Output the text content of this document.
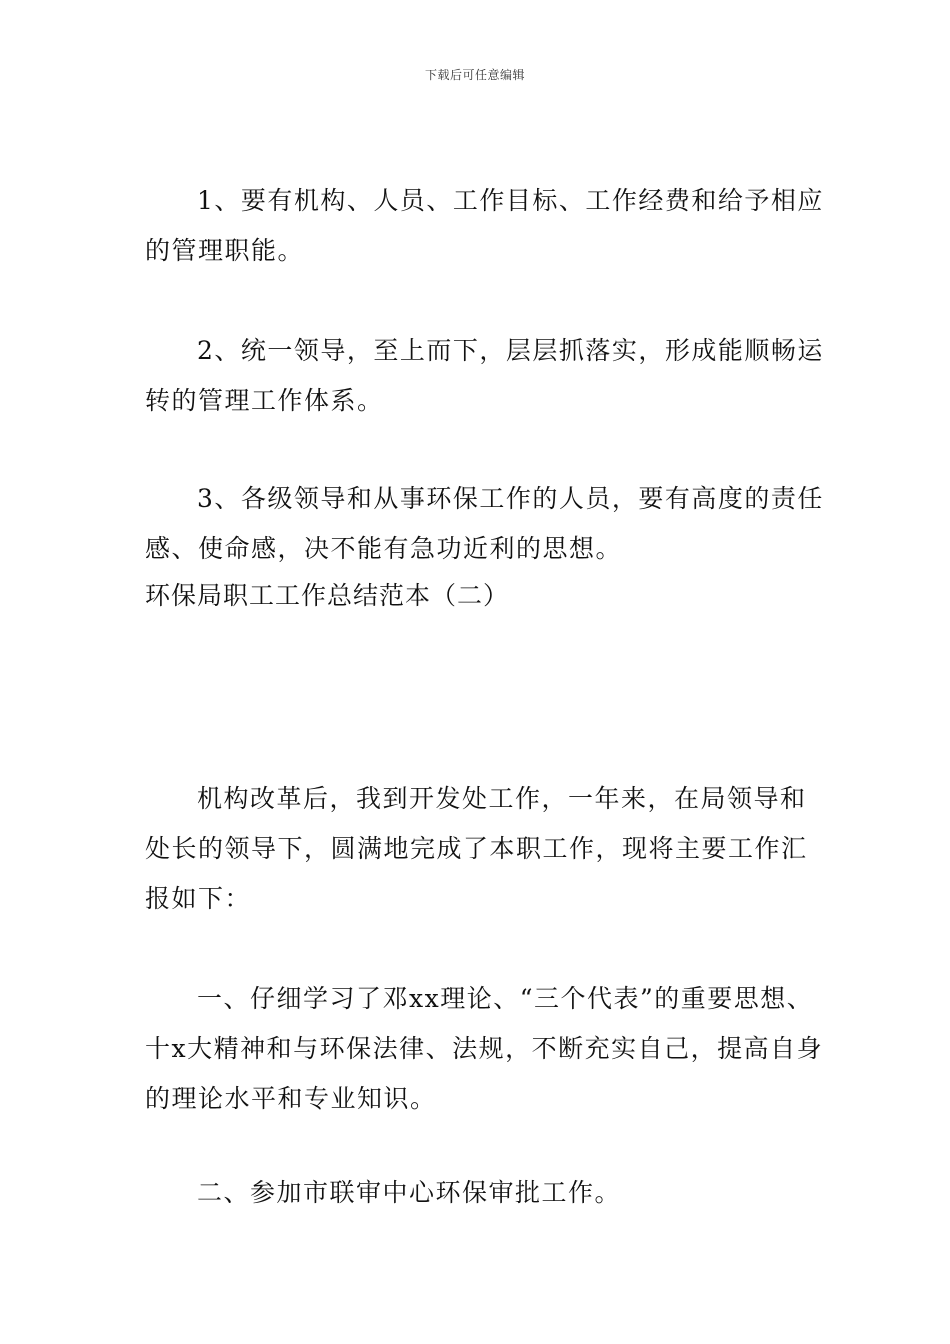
下载后可任意编辑

1、要有机构、人员、工作目标、工作经费和给予相应的管理职能。

2、统一领导，至上而下，层层抓落实，形成能顺畅运转的管理工作体系。

3、各级领导和从事环保工作的人员，要有高度的责任感、使命感，决不能有急功近利的思想。

环保局职工工作总结范本（二）

机构改革后，我到开发处工作，一年来，在局领导和处长的领导下，圆满地完成了本职工作，现将主要工作汇报如下：

一、仔细学习了邓xx理论、“三个代表”的重要思想、十x大精神和与环保法律、法规，不断充实自己，提高自身的理论水平和专业知识。

二、参加市联审中心环保审批工作。
